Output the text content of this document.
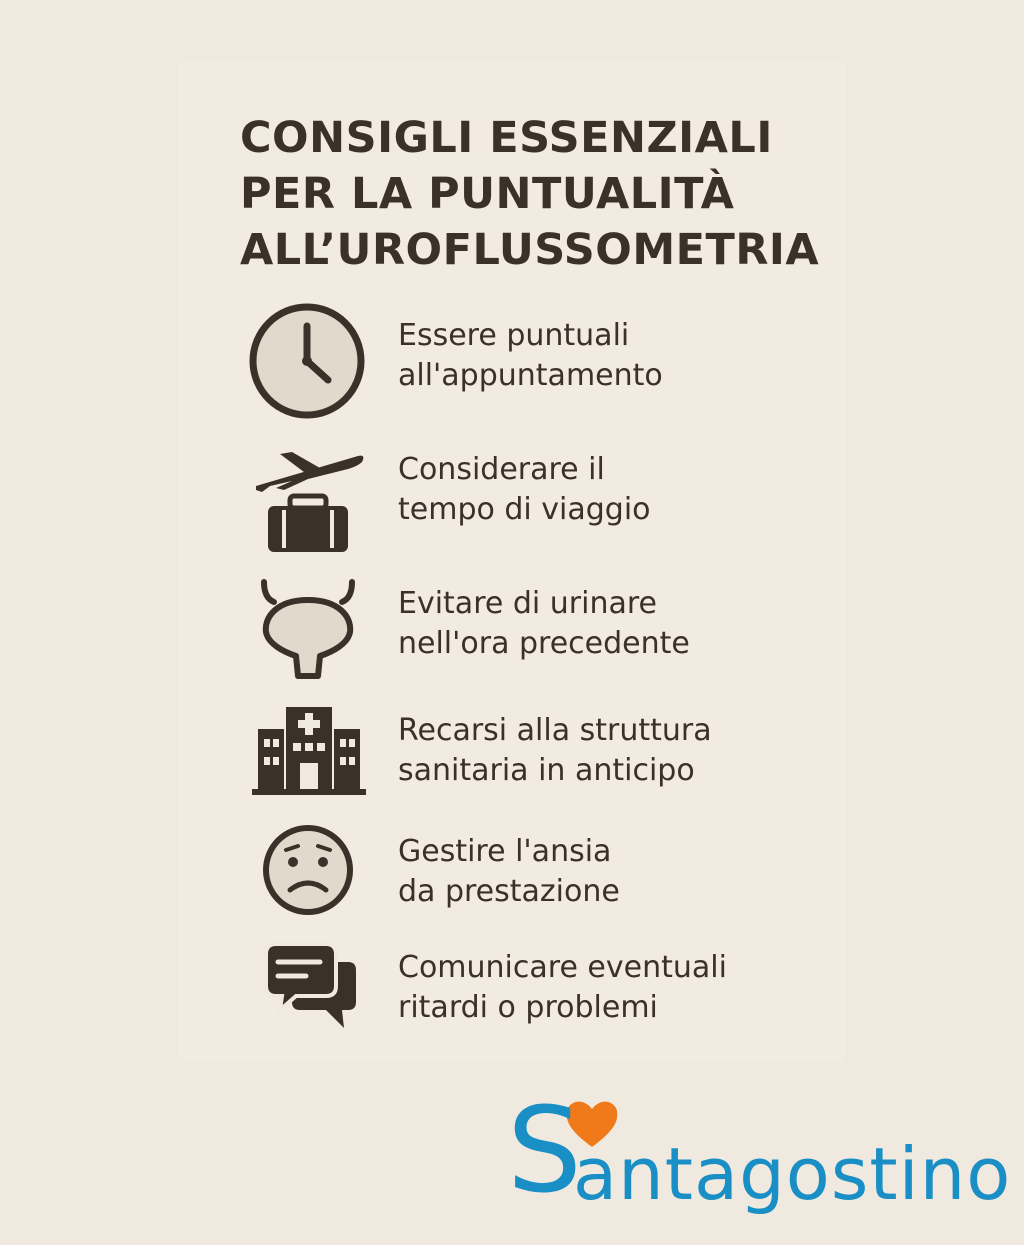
CONSIGLI ESSENZIALI
PER LA PUNTUALITÀ
ALL’UROFLUSSOMETRIA
Essere puntuali
all'appuntamento
Considerare il
tempo di viaggio
Evitare di urinare
nell'ora precedente
Recarsi alla struttura
sanitaria in anticipo
Gestire l'ansia
da prestazione
Comunicare eventuali
ritardi o problemi
S
antagostino
